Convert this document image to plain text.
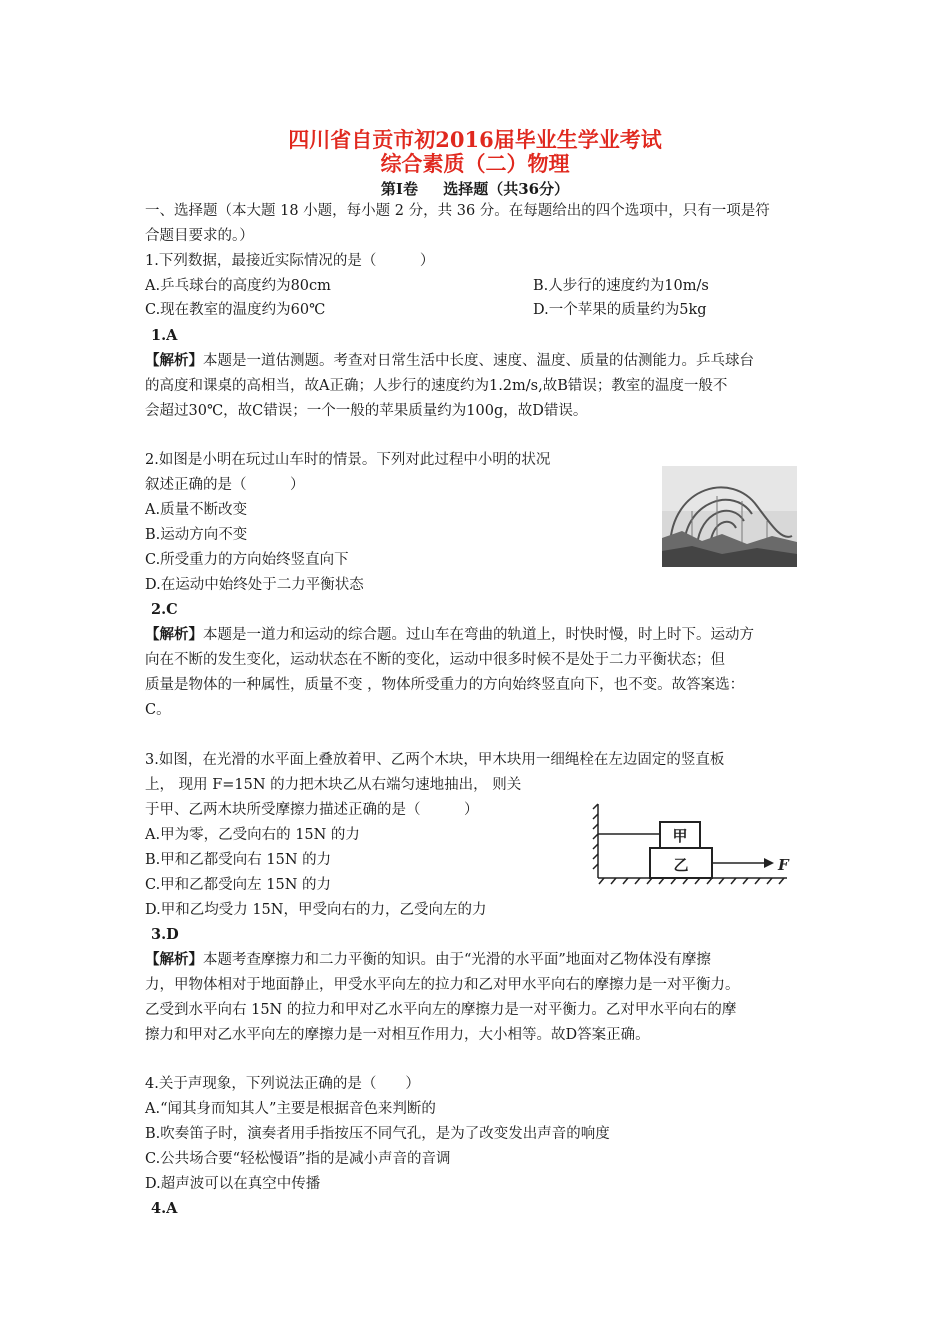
四川省自贡市初2016届毕业生学业考试
综合素质（二）物理
第Ⅰ卷 选择题（共36分）
一、选择题（本大题 18 小题，每小题 2 分，共 36 分。在每题给出的四个选项中，只有一项是符
合题目要求的。）
1.下列数据，最接近实际情况的是（　　　）
A.乒乓球台的高度约为80cm	B.人步行的速度约为10m/s
C.现在教室的温度约为60℃	D.一个苹果的质量约为5kg
1.A
【解析】本题是一道估测题。考查对日常生活中长度、速度、温度、质量的估测能力。乒乓球台
的高度和课桌的高相当，故A正确；人步行的速度约为1.2m/s,故B错误；教室的温度一般不
会超过30℃，故C错误；一个一般的苹果质量约为100g，故D错误。
2.如图是小明在玩过山车时的情景。下列对此过程中小明的状况
叙述正确的是（　　　）
A.质量不断改变
B.运动方向不变
C.所受重力的方向始终竖直向下
D.在运动中始终处于二力平衡状态
2.C
【解析】本题是一道力和运动的综合题。过山车在弯曲的轨道上，时快时慢，时上时下。运动方
向在不断的发生变化，运动状态在不断的变化，运动中很多时候不是处于二力平衡状态；但
质量是物体的一种属性，质量不变 ，物体所受重力的方向始终竖直向下，也不变。故答案选：
C。
3.如图，在光滑的水平面上叠放着甲、乙两个木块，甲木块用一细绳栓在左边固定的竖直板
上， 现用 F=15N 的力把木块乙从右端匀速地抽出， 则关
于甲、乙两木块所受摩擦力描述正确的是（　　　）
A.甲为零，乙受向右的 15N 的力
B.甲和乙都受向右 15N 的力
C.甲和乙都受向左 15N 的力
D.甲和乙均受力 15N，甲受向右的力，乙受向左的力
3.D
【解析】本题考查摩擦力和二力平衡的知识。由于“光滑的水平面”地面对乙物体没有摩擦
力，甲物体相对于地面静止，甲受水平向左的拉力和乙对甲水平向右的摩擦力是一对平衡力。
乙受到水平向右 15N 的拉力和甲对乙水平向左的摩擦力是一对平衡力。乙对甲水平向右的摩
擦力和甲对乙水平向左的摩擦力是一对相互作用力，大小相等。故D答案正确。
甲
乙	F
4.关于声现象，下列说法正确的是（　　）
A.“闻其身而知其人”主要是根据音色来判断的
B.吹奏笛子时，演奏者用手指按压不同气孔，是为了改变发出声音的响度
C.公共场合要“轻松慢语”指的是减小声音的音调
D.超声波可以在真空中传播
4.A
